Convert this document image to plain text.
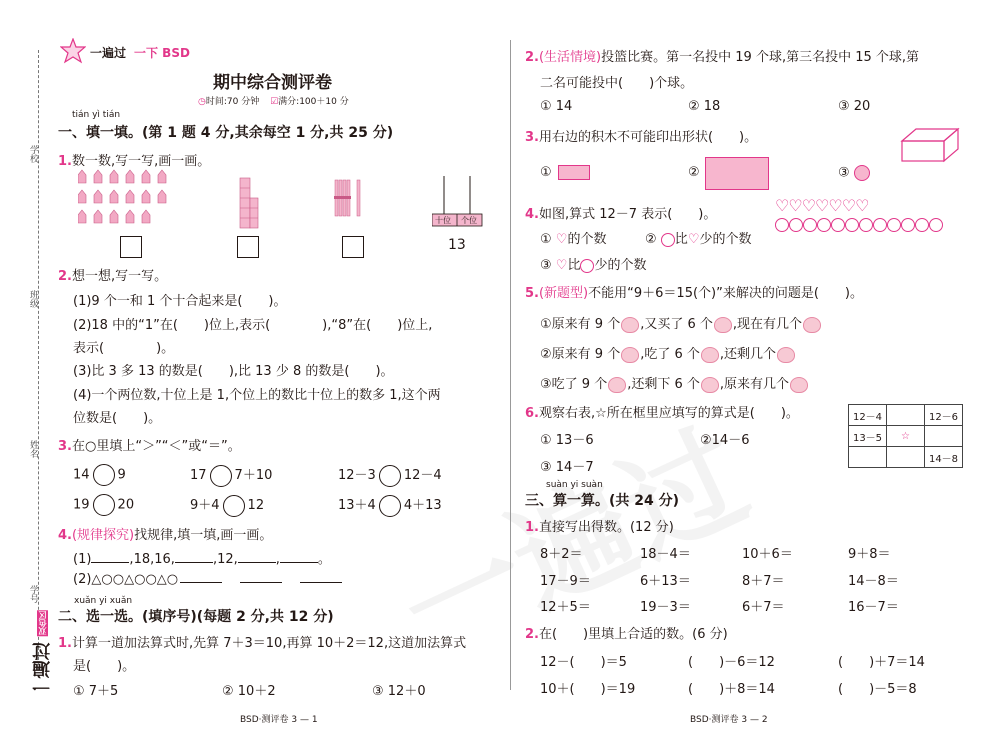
学校
班级
姓名
学号
一遍过 双色区
一遍过 一下 BSD
期中综合测评卷
◷时间:70 分钟 ☑满分:100＋10 分
tián yì tián
一、填一填。(第 1 题 4 分,其余每空 1 分,共 25 分)
1.数一数,写一写,画一画。
十位 个位
13
2.想一想,写一写。
(1)9 个一和 1 个十合起来是(　　)。
(2)18 中的“1”在(　　)位上,表示(　　　　),“8”在(　　)位上,
表示(　　　　)。
(3)比 3 多 13 的数是(　　),比 13 少 8 的数是(　　)。
(4)一个两位数,十位上是 1,个位上的数比十位上的数多 1,这个两
位数是(　　)。
3.在○里填上“＞”“＜”或“＝”。
14 9	17 7＋10	12－3 12－4
19 20	9＋4 12	13＋4 4＋13
4.(规律探究)找规律,填一填,画一画。
(1)	,18,16,	,12,	,	。
(2)△○○△○○△○
xuǎn yi xuǎn
二、选一选。(填序号)(每题 2 分,共 12 分)
1.计算一道加法算式时,先算 7＋3＝10,再算 10＋2＝12,这道加法算式
是(　　)。
① 7＋5	② 10＋2	③ 12＋0
BSD·测评卷 3 — 1
2.(生活情境)投篮比赛。第一名投中 19 个球,第三名投中 15 个球,第
二名可能投中(　　)个球。
① 14	② 18	③ 20
3.用右边的积木不可能印出形状(　　)。
①	②	③
4.如图,算式 12－7 表示(　　)。	♡♡♡♡♡♡♡
① ♡的个数	② 比♡少的个数
③ ♡比 少的个数
5.(新题型)不能用“9＋6＝15(个)”来解决的问题是(　　)。
①原来有 9 个 ,又买了 6 个 ,现在有几个
②原来有 9 个 ,吃了 6 个 ,还剩几个
③吃了 9 个 ,还剩下 6 个 ,原来有几个
6.观察右表,☆所在框里应填写的算式是(　　)。
① 13－6	②14－6
③ 14－7
12－4		12－6
13－5	☆	
		14－8
suàn yi suàn
三、算一算。(共 24 分)
1.直接写出得数。(12 分)
8＋2＝	18－4＝	10＋6＝	9＋8＝
17－9＝	6＋13＝	8＋7＝	14－8＝
12＋5＝	19－3＝	6＋7＝	16－7＝
2.在(　　)里填上合适的数。(6 分)
12－(　　)＝5	(　　)－6＝12	(　　)＋7＝14
10＋(　　)＝19	(　　)＋8＝14	(　　)－5＝8
BSD·测评卷 3 — 2
